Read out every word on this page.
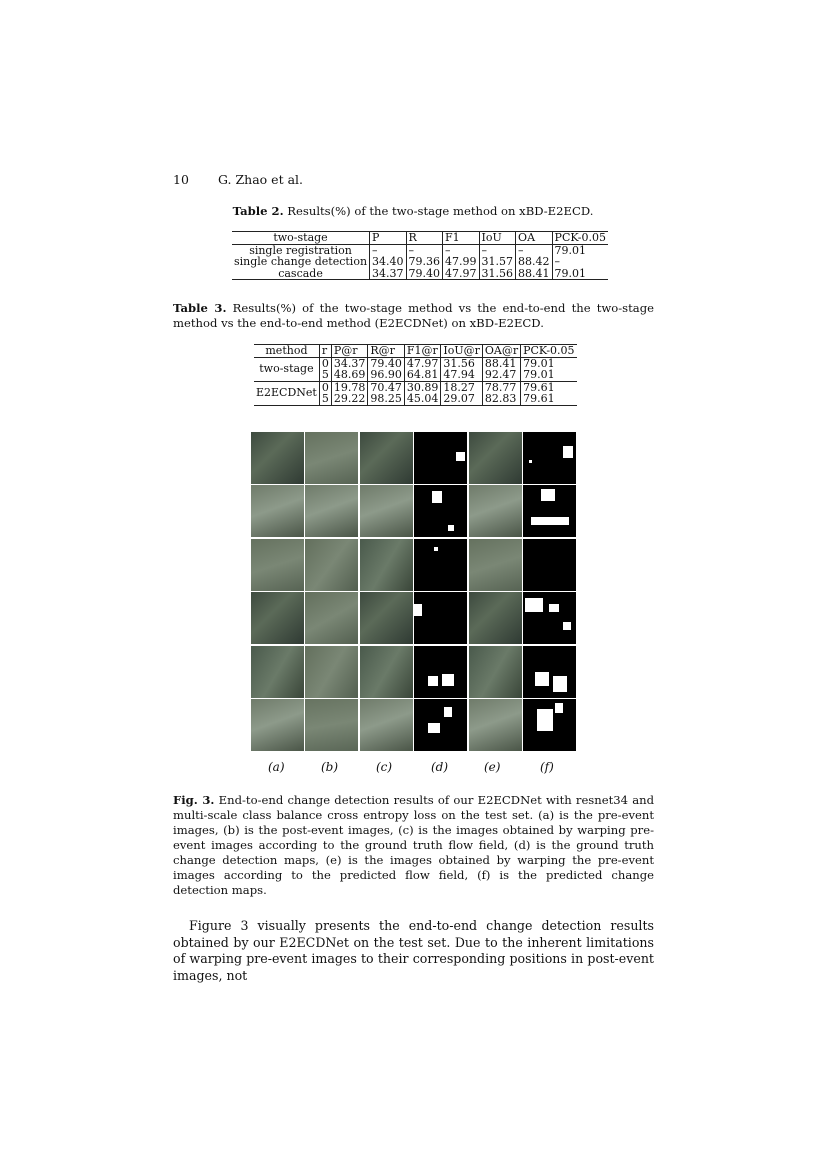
10 G. Zhao et al.
Table 2. Results(%) of the two-stage method on xBD-E2ECD.
two-stage	P	R	F1	IoU	OA	PCK-0.05
single registration	–	–	–	–	–	79.01
single change detection	34.40	79.36	47.99	31.57	88.42	–
cascade	34.37	79.40	47.97	31.56	88.41	79.01
Table 3. Results(%) of the two-stage method vs the end-to-end the two-stage method vs the end-to-end method (E2ECDNet) on xBD-E2ECD.
method	r	P@r	R@r	F1@r	IoU@r	OA@r	PCK-0.05
two-stage	0	34.37	79.40	47.97	31.56	88.41	79.01
	5	48.69	96.90	64.81	47.94	92.47	79.01
E2ECDNet	0	19.78	70.47	30.89	18.27	78.77	79.61
	5	29.22	98.25	45.04	29.07	82.83	79.61
(a)	(b)	(c)	(d)	(e)	(f)
Fig. 3. End-to-end change detection results of our E2ECDNet with resnet34 and multi-scale class balance cross entropy loss on the test set. (a) is the pre-event images, (b) is the post-event images, (c) is the images obtained by warping pre-event images according to the ground truth flow field, (d) is the ground truth change detection maps, (e) is the images obtained by warping the pre-event images according to the predicted flow field, (f) is the predicted change detection maps.
Figure 3 visually presents the end-to-end change detection results obtained by our E2ECDNet on the test set. Due to the inherent limitations of warping pre-event images to their corresponding positions in post-event images, not
